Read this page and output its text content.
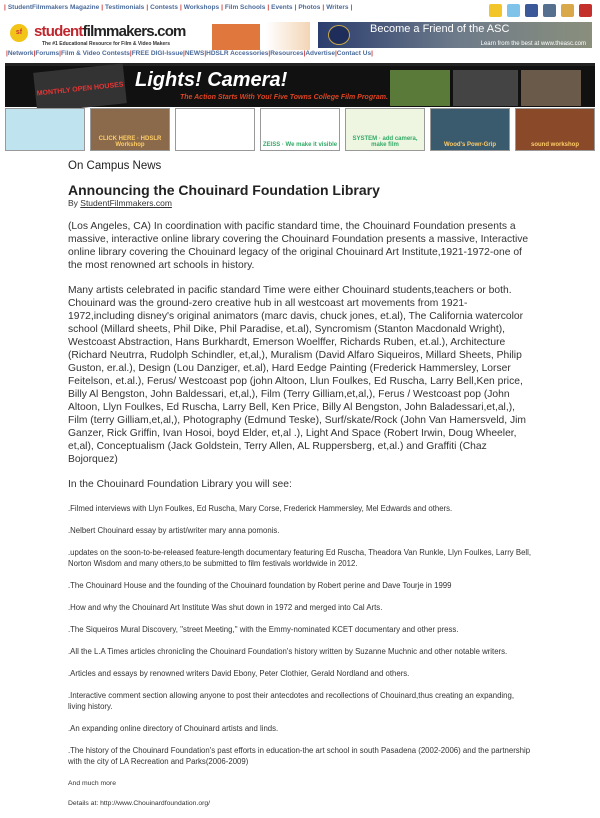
| StudentFilmmakers Magazine | Testimonials | Contests | Workshops | Film Schools | Events | Photos | Writers |
sf studentfilmmakers.com
The #1 Educational Resource for Film & Video Makers
Become a Friend of the ASC
Learn from the best at www.theasc.com
|Network|Forums|Film & Video Contests|FREE DIGI-Issue|NEWS|HDSLR Accessories|Resources|Advertise|Contact Us|
MONTHLY OPEN HOUSES Lights! Camera!
The Action Starts With You! Five Towns College Film Program.
CLICK HERE · HDSLR Workshop	ZEISS · We make it visible
SYSTEM · add camera, make film	Wood's Powr-Grip	sound workshop
On Campus News
Announcing the Chouinard Foundation Library
By StudentFilmmakers.com

(Los Angeles, CA) In coordination with pacific standard time, the Chouinard Foundation presents a massive, interactive online library covering the Chouinard Foundation presents a massive, Interactive online library covering the Chouinard legacy of the original Chouinard Art Institute,1921-1972-one of the most renowned art schools in history.

Many artists celebrated in pacific standard Time were either Chouinard students,teachers or both. Chouinard was the ground-zero creative hub in all westcoast art movements from 1921-1972,including disney's original animators (marc davis, chuck jones, et.al), The California watercolor school (Millard sheets, Phil Dike, Phil Paradise, et.al), Syncromism (Stanton Macdonald Wright), Westcoast Abstraction, Hans Burkhardt, Emerson Woelffer, Richards Ruben, et.al.), Architecture (Richard Neutrra, Rudolph Schindler, et,al,), Muralism (David Alfaro Siqueiros, Millard Sheets, Philip Guston, er.al.), Design (Lou Danziger, et.al), Hard Eedge Painting (Frederick Hammersley, Lorser Feitelson, et.al.), Ferus/ Westcoast pop (john Altoon, Llun Foulkes, Ed Ruscha, Larry Bell,Ken price, Billy Al Bengston, John Baldessari, et,al,), Film (Terry Gilliam,et,al,), Ferus / Westcoast pop (John Altoon, Llyn Foulkes, Ed Ruscha, Larry Bell, Ken Price, Billy Al Bengston, John Baladessari,et,al,), Film (terry Gilliam,et,al,), Photography (Edmund Teske), Surf/skate/Rock (John Van Hamersveld, Jim Ganzer, Rick Griffin, Ivan Hosoi, boyd Elder, et,al .), Light And Space (Robert Irwin, Doug Wheeler, et,al), Conceptualism (Jack Goldstein, Terry Allen, AL Ruppersberg, et,al.) and Graffiti (Chaz Bojorquez)

In the Chouinard Foundation Library you will see:

.Filmed interviews with Llyn Foulkes, Ed Ruscha, Mary Corse, Frederick Hammersley, Mel Edwards and others.
.Nelbert Chouinard essay by artist/writer mary anna pomonis.
.updates on the soon-to-be-released feature-length documentary featuring Ed Ruscha, Theadora Van Runkle, Llyn Foulkes, Larry Bell, Norton Wisdom and many others,to be submitted to film festivals worldwide in 2012.
.The Chouinard House and the founding of the Chouinard foundation by Robert perine and Dave Tourje in 1999
.How and why the Chouinard Art Institute Was shut down in 1972 and merged into Cal Arts.
.The Siqueiros Mural Discovery, ''street Meeting,'' with the Emmy-nominated KCET documentary and other press.
.All the L.A Times articles chronicling the Chouinard Foundation's history written by Suzanne Muchnic and other notable writers.
.Articles and essays by renowned writers David Ebony, Peter Clothier, Gerald Nordland and others.
.Interactive comment section allowing anyone to post their antecdotes and recollections of Chouinard,thus creating an expanding, living history.
.An expanding online directory of Chouinard artists and linds.
.The history of the Chouinard Foundation's past efforts in education-the art school in south Pasadena (2002-2006) and the partnership with the city of LA Recreation and Parks(2006-2009)
And much more
Details at: http://www.Chouinardfoundation.org/
